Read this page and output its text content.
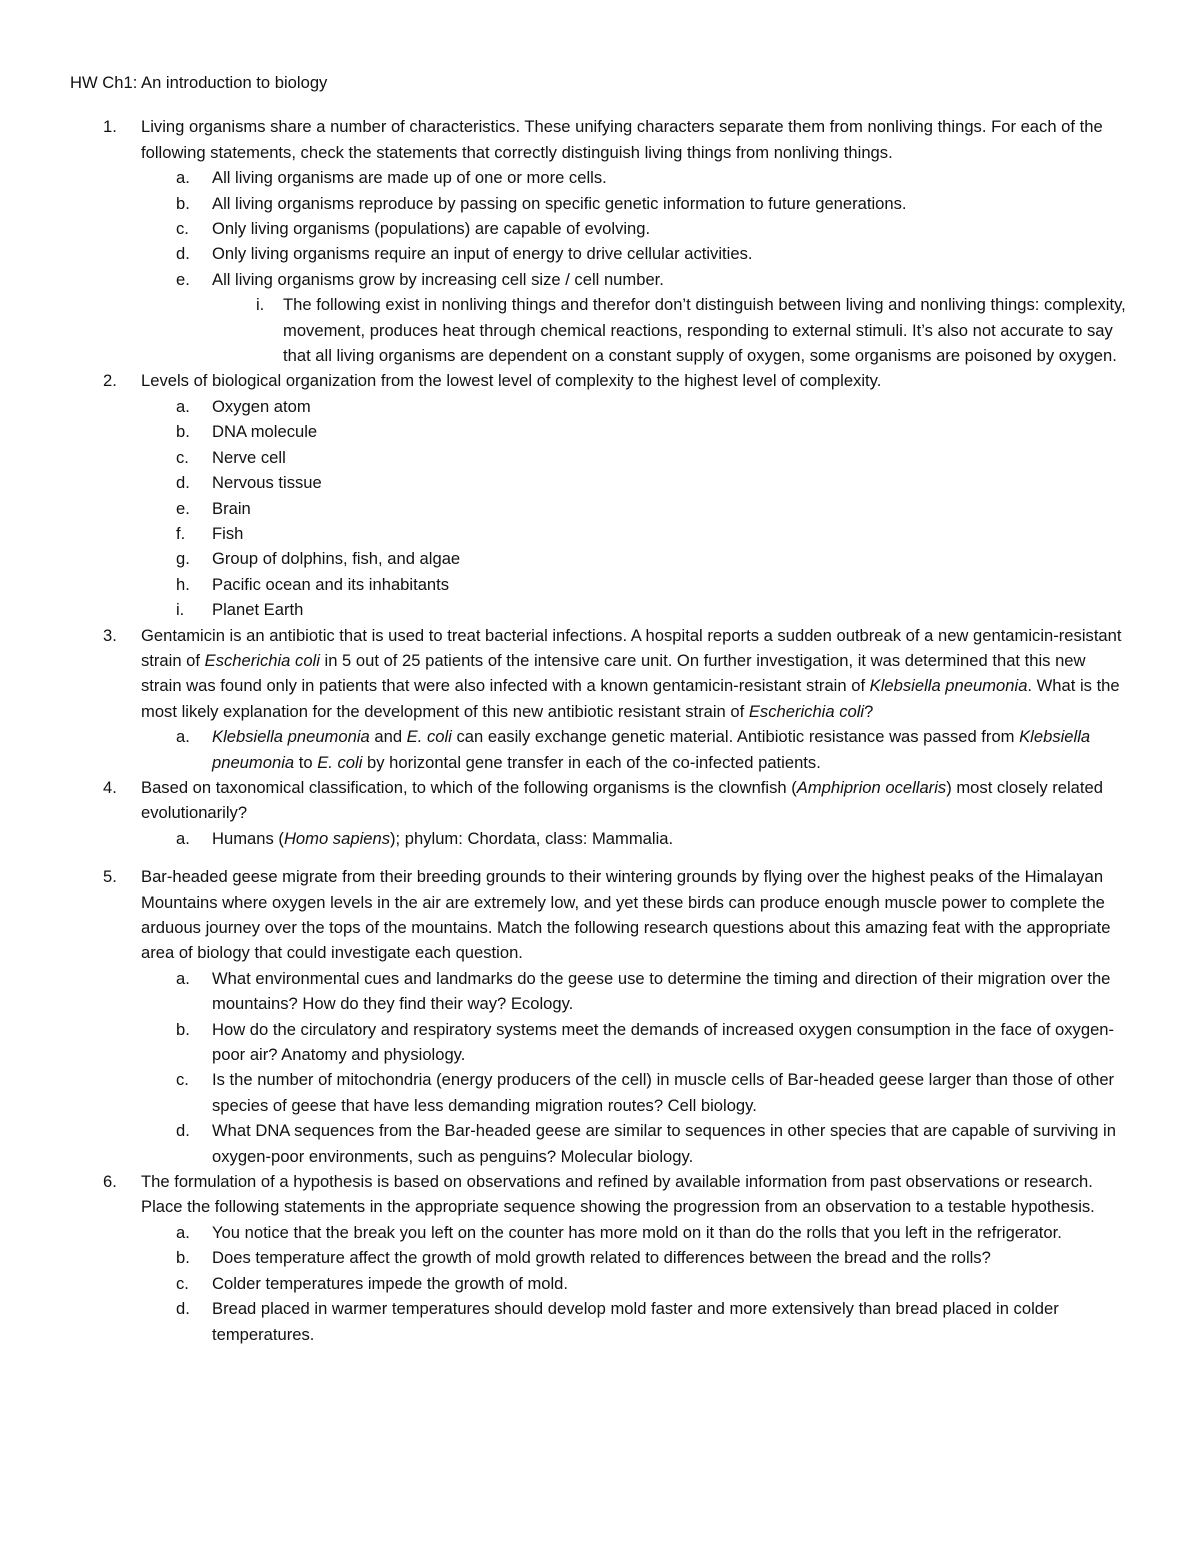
HW Ch1: An introduction to biology
1. Living organisms share a number of characteristics. These unifying characters separate them from nonliving things. For each of the following statements, check the statements that correctly distinguish living things from nonliving things.
a. All living organisms are made up of one or more cells.
b. All living organisms reproduce by passing on specific genetic information to future generations.
c. Only living organisms (populations) are capable of evolving.
d. Only living organisms require an input of energy to drive cellular activities.
e. All living organisms grow by increasing cell size / cell number.
i. The following exist in nonliving things and therefor don’t distinguish between living and nonliving things: complexity, movement, produces heat through chemical reactions, responding to external stimuli. It’s also not accurate to say that all living organisms are dependent on a constant supply of oxygen, some organisms are poisoned by oxygen.
2. Levels of biological organization from the lowest level of complexity to the highest level of complexity.
a. Oxygen atom
b. DNA molecule
c. Nerve cell
d. Nervous tissue
e. Brain
f. Fish
g. Group of dolphins, fish, and algae
h. Pacific ocean and its inhabitants
i. Planet Earth
3. Gentamicin is an antibiotic that is used to treat bacterial infections. A hospital reports a sudden outbreak of a new gentamicin-resistant strain of Escherichia coli in 5 out of 25 patients of the intensive care unit. On further investigation, it was determined that this new strain was found only in patients that were also infected with a known gentamicin-resistant strain of Klebsiella pneumonia. What is the most likely explanation for the development of this new antibiotic resistant strain of Escherichia coli?
a. Klebsiella pneumonia and E. coli can easily exchange genetic material. Antibiotic resistance was passed from Klebsiella pneumonia to E. coli by horizontal gene transfer in each of the co-infected patients.
4. Based on taxonomical classification, to which of the following organisms is the clownfish (Amphiprion ocellaris) most closely related evolutionarily?
a. Humans (Homo sapiens); phylum: Chordata, class: Mammalia.
5. Bar-headed geese migrate from their breeding grounds to their wintering grounds by flying over the highest peaks of the Himalayan Mountains where oxygen levels in the air are extremely low, and yet these birds can produce enough muscle power to complete the arduous journey over the tops of the mountains. Match the following research questions about this amazing feat with the appropriate area of biology that could investigate each question.
a. What environmental cues and landmarks do the geese use to determine the timing and direction of their migration over the mountains? How do they find their way? Ecology.
b. How do the circulatory and respiratory systems meet the demands of increased oxygen consumption in the face of oxygen-poor air? Anatomy and physiology.
c. Is the number of mitochondria (energy producers of the cell) in muscle cells of Bar-headed geese larger than those of other species of geese that have less demanding migration routes? Cell biology.
d. What DNA sequences from the Bar-headed geese are similar to sequences in other species that are capable of surviving in oxygen-poor environments, such as penguins? Molecular biology.
6. The formulation of a hypothesis is based on observations and refined by available information from past observations or research. Place the following statements in the appropriate sequence showing the progression from an observation to a testable hypothesis.
a. You notice that the break you left on the counter has more mold on it than do the rolls that you left in the refrigerator.
b. Does temperature affect the growth of mold growth related to differences between the bread and the rolls?
c. Colder temperatures impede the growth of mold.
d. Bread placed in warmer temperatures should develop mold faster and more extensively than bread placed in colder temperatures.
